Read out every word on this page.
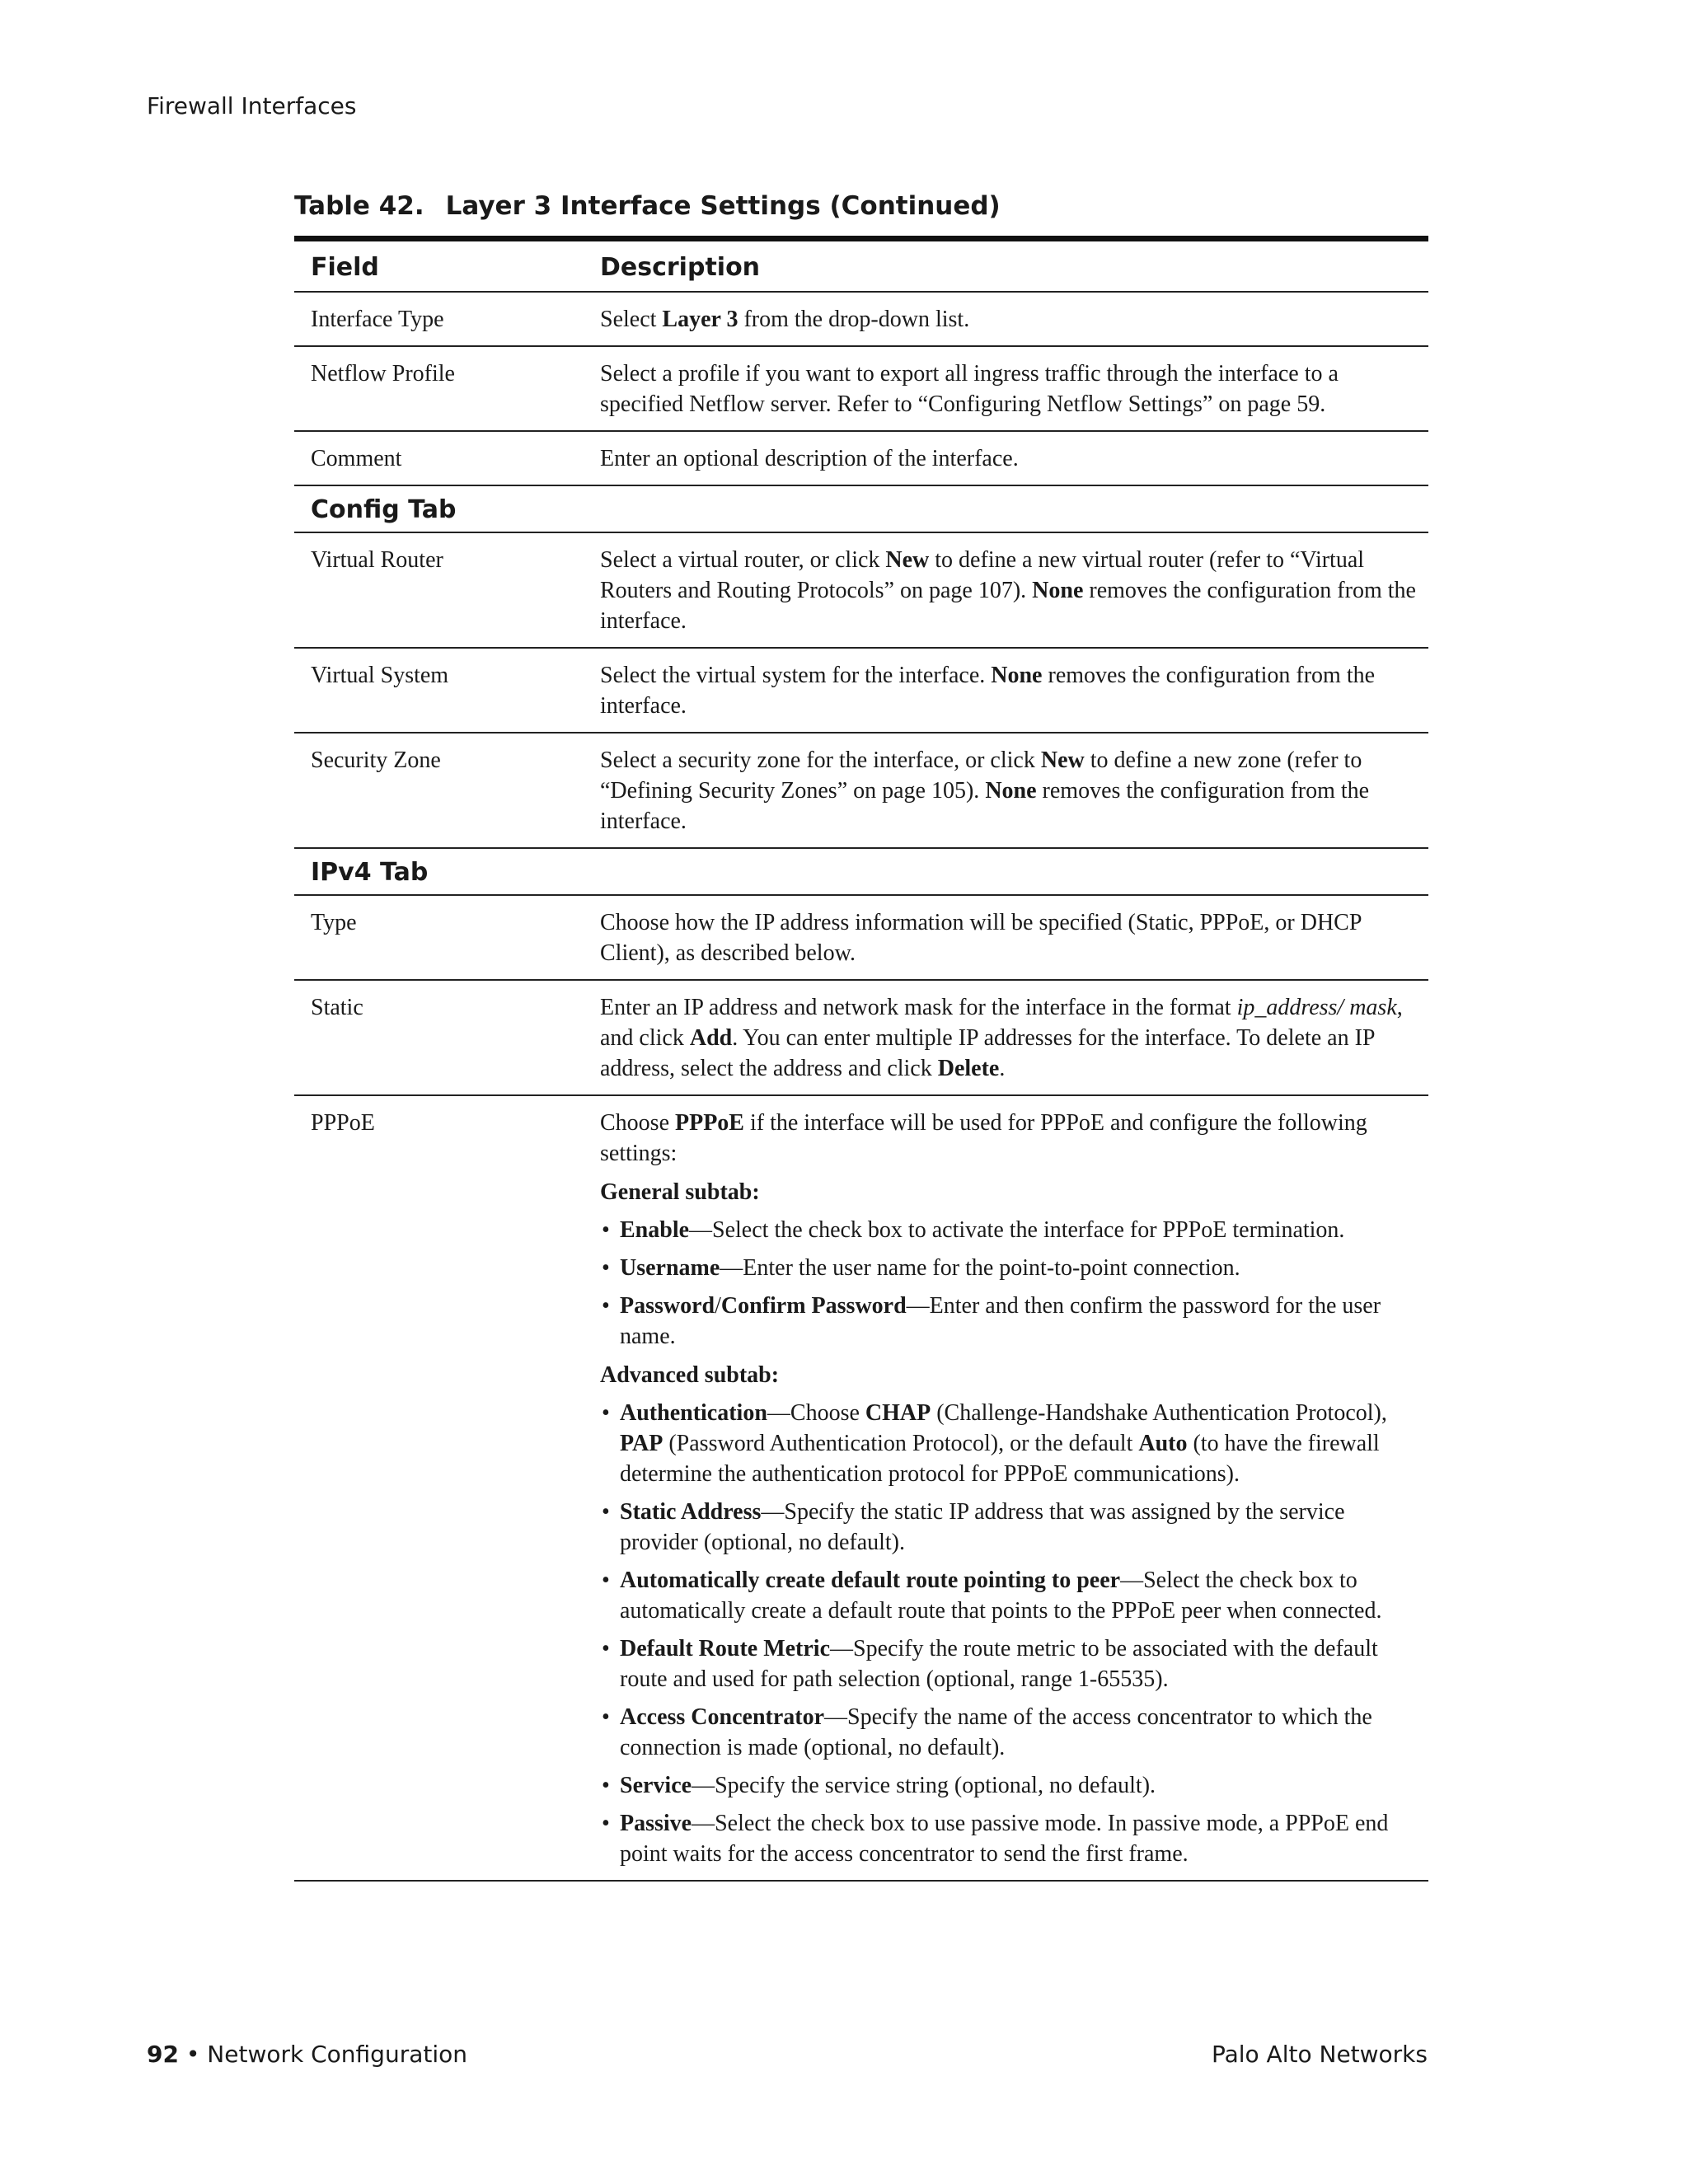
Firewall Interfaces
Table 42. Layer 3 Interface Settings (Continued)
Field	Description
Interface Type	Select Layer 3 from the drop-down list.
Netflow Profile	Select a profile if you want to export all ingress traffic through the interface to a specified Netflow server. Refer to “Configuring Netflow Settings” on page 59.
Comment	Enter an optional description of the interface.
Config Tab
Virtual Router	Select a virtual router, or click New to define a new virtual router (refer to “Virtual Routers and Routing Protocols” on page 107). None removes the configuration from the interface.
Virtual System	Select the virtual system for the interface. None removes the configuration from the interface.
Security Zone	Select a security zone for the interface, or click New to define a new zone (refer to “Defining Security Zones” on page 105). None removes the configuration from the interface.
IPv4 Tab
Type	Choose how the IP address information will be specified (Static, PPPoE, or DHCP Client), as described below.
Static	Enter an IP address and network mask for the interface in the format ip_address/ mask, and click Add. You can enter multiple IP addresses for the interface. To delete an IP address, select the address and click Delete.
PPPoE	Choose PPPoE if the interface will be used for PPPoE and configure the following settings:

General subtab:

• Enable—Select the check box to activate the interface for PPPoE termination.
• Username—Enter the user name for the point-to-point connection.
• Password/Confirm Password—Enter and then confirm the password for the user name.

Advanced subtab:

• Authentication—Choose CHAP (Challenge-Handshake Authentication Protocol), PAP (Password Authentication Protocol), or the default Auto (to have the firewall determine the authentication protocol for PPPoE communications).
• Static Address—Specify the static IP address that was assigned by the service provider (optional, no default).
• Automatically create default route pointing to peer—Select the check box to automatically create a default route that points to the PPPoE peer when connected.
• Default Route Metric—Specify the route metric to be associated with the default route and used for path selection (optional, range 1-65535).
• Access Concentrator—Specify the name of the access concentrator to which the connection is made (optional, no default).
• Service—Specify the service string (optional, no default).
• Passive—Select the check box to use passive mode. In passive mode, a PPPoE end point waits for the access concentrator to send the first frame.
92 • Network Configuration	Palo Alto Networks
